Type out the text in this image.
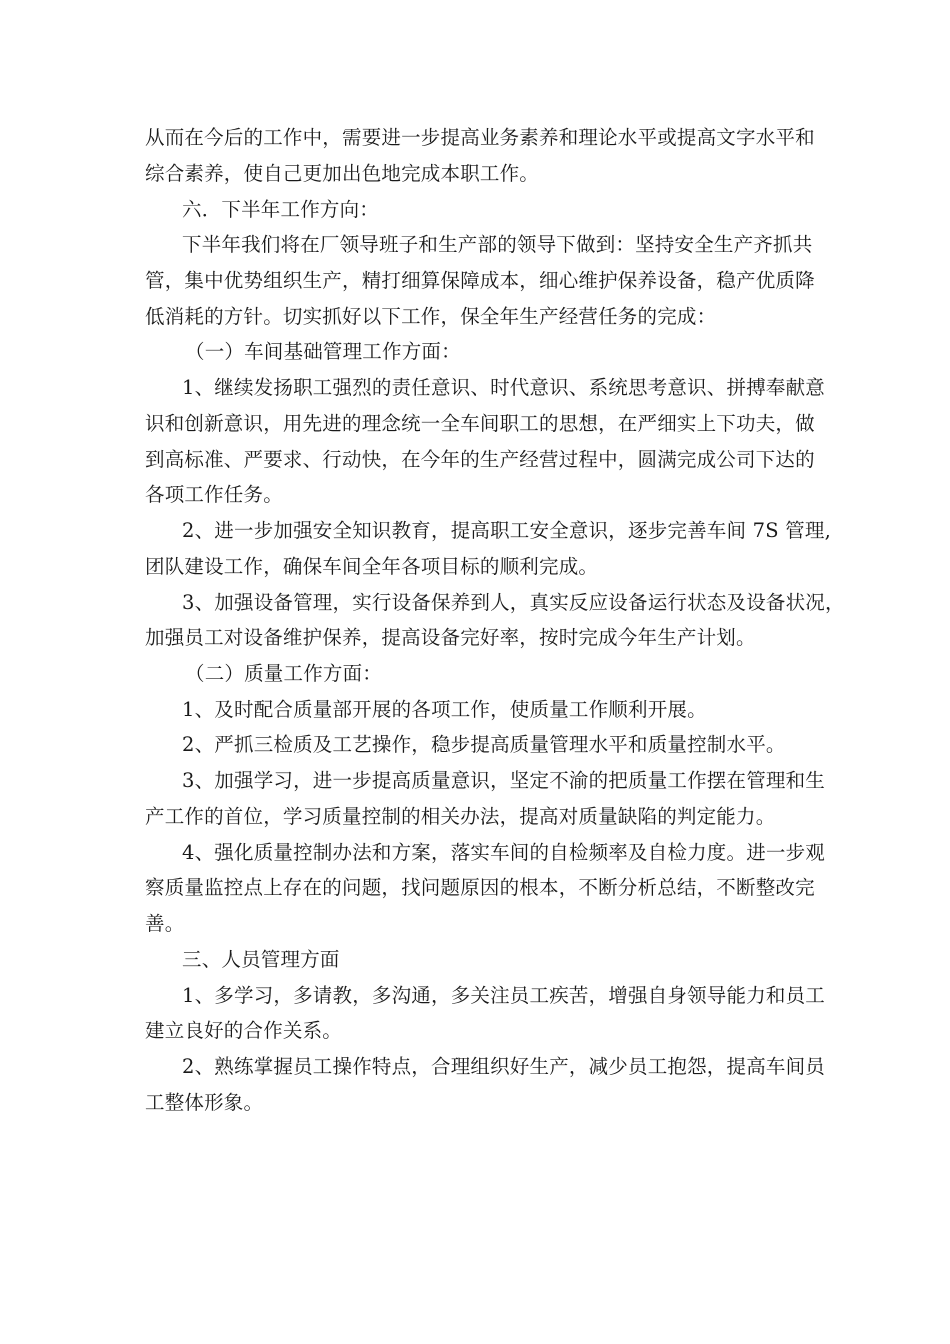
从而在今后的工作中，需要进一步提高业务素养和理论水平或提高文字水平和
综合素养，使自己更加出色地完成本职工作。
六．下半年工作方向：
下半年我们将在厂领导班子和生产部的领导下做到：坚持安全生产齐抓共
管，集中优势组织生产，精打细算保障成本，细心维护保养设备，稳产优质降
低消耗的方针。切实抓好以下工作，保全年生产经营任务的完成：
（一）车间基础管理工作方面：
1、继续发扬职工强烈的责任意识、时代意识、系统思考意识、拼搏奉献意
识和创新意识，用先进的理念统一全车间职工的思想，在严细实上下功夫，做
到高标准、严要求、行动快，在今年的生产经营过程中，圆满完成公司下达的
各项工作任务。
2、进一步加强安全知识教育，提高职工安全意识，逐步完善车间 7S 管理,
团队建设工作，确保车间全年各项目标的顺利完成。
3、加强设备管理，实行设备保养到人，真实反应设备运行状态及设备状况，
加强员工对设备维护保养，提高设备完好率，按时完成今年生产计划。
（二）质量工作方面：
1、及时配合质量部开展的各项工作，使质量工作顺利开展。
2、严抓三检质及工艺操作，稳步提高质量管理水平和质量控制水平。
3、加强学习，进一步提高质量意识，坚定不渝的把质量工作摆在管理和生
产工作的首位，学习质量控制的相关办法，提高对质量缺陷的判定能力。
4、强化质量控制办法和方案，落实车间的自检频率及自检力度。进一步观
察质量监控点上存在的问题，找问题原因的根本，不断分析总结，不断整改完
善。
三、人员管理方面
1、多学习，多请教，多沟通，多关注员工疾苦，增强自身领导能力和员工
建立良好的合作关系。
2、熟练掌握员工操作特点，合理组织好生产，减少员工抱怨，提高车间员
工整体形象。
